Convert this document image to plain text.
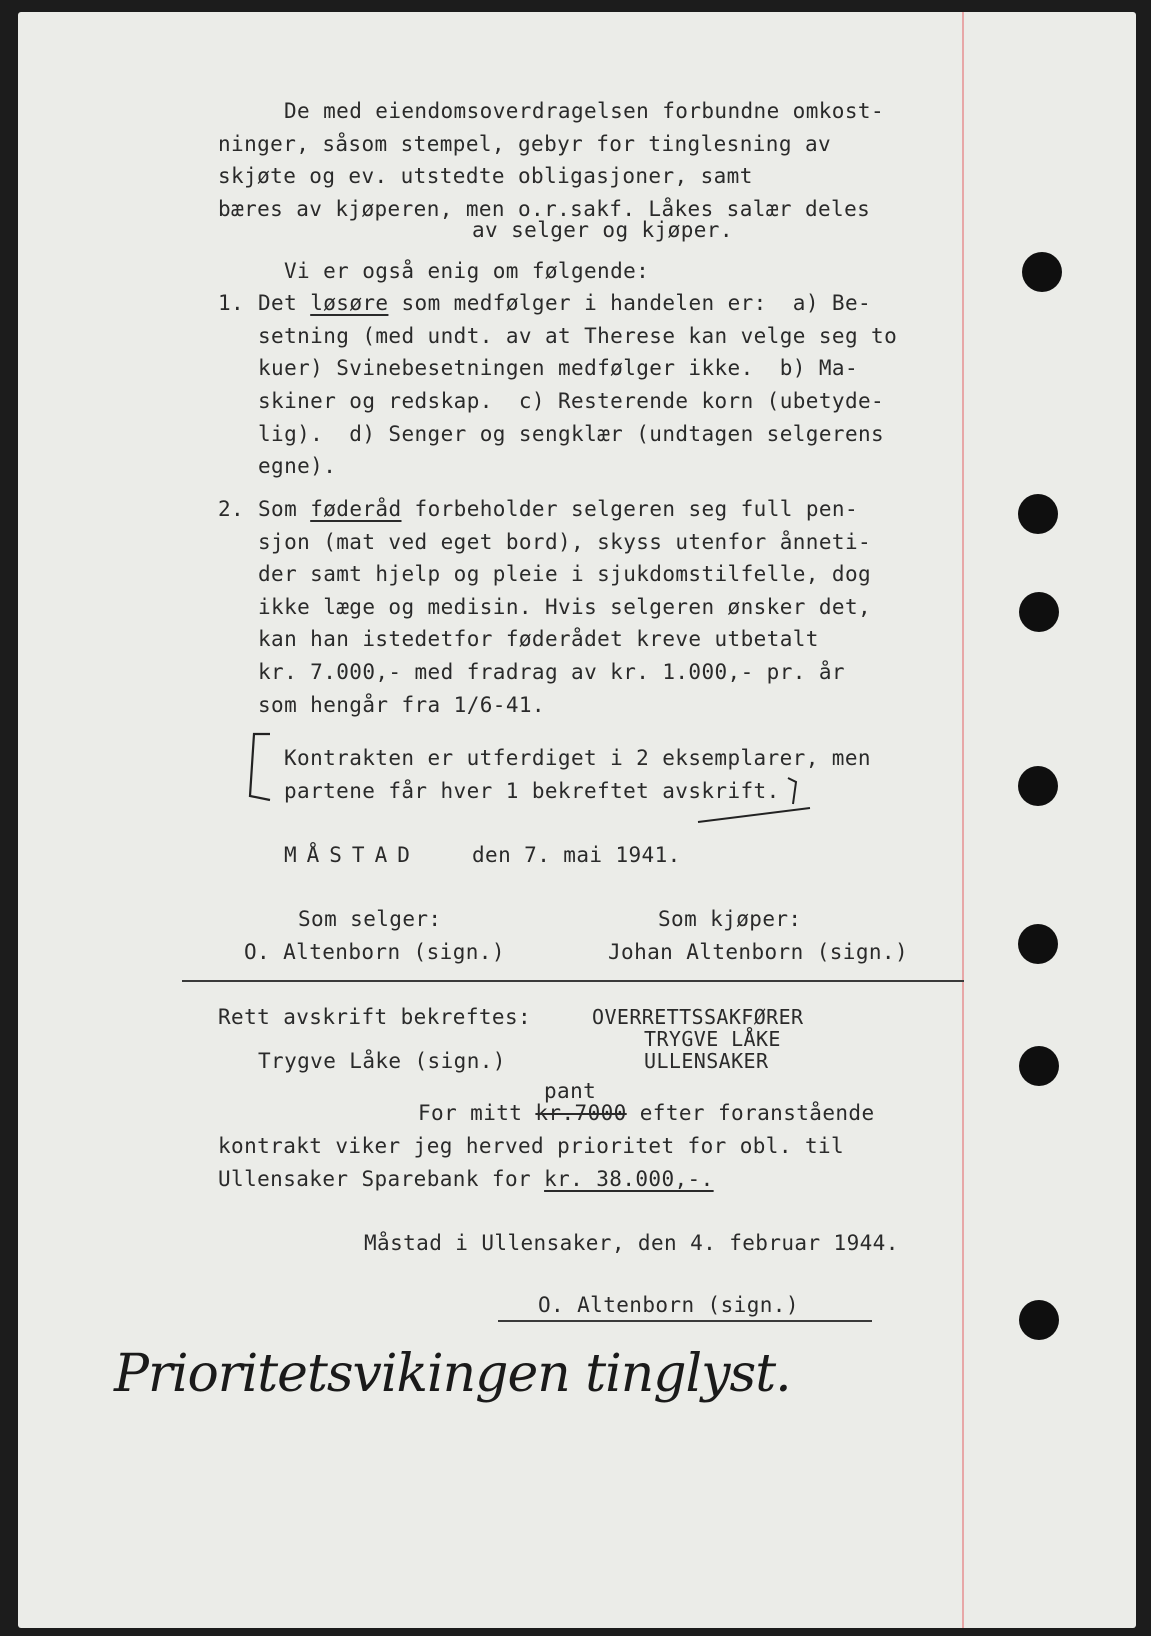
De med eiendomsoverdragelsen forbundne omkost-
ninger, såsom stempel, gebyr for tinglesning av
skjøte og ev. utstedte obligasjoner, samt
bæres av kjøperen, men o.r.sakf. Låkes salær deles
av selger og kjøper.
Vi er også enig om følgende:
1. Det løsøre som medfølger i handelen er:  a) Be-
setning (med undt. av at Therese kan velge seg to
kuer) Svinebesetningen medfølger ikke.  b) Ma-
skiner og redskap.  c) Resterende korn (ubetyde-
lig).  d) Senger og sengklær (undtagen selgerens
egne).
2. Som føderåd forbeholder selgeren seg full pen-
sjon (mat ved eget bord), skyss utenfor ånneti-
der samt hjelp og pleie i sjukdomstilfelle, dog
ikke læge og medisin. Hvis selgeren ønsker det,
kan han istedetfor føderådet kreve utbetalt
kr. 7.000,- med fradrag av kr. 1.000,- pr. år
som hengår fra 1/6-41.
Kontrakten er utferdiget i 2 eksemplarer, men
partene får hver 1 bekreftet avskrift.
MÅSTAD den 7. mai 1941.
Som selger:	Som kjøper:
O. Altenborn (sign.)	Johan Altenborn (sign.)
Rett avskrift bekreftes:	OVERRETTSSAKFØRER
TRYGVE LÅKE
ULLENSAKER
Trygve Låke (sign.)
pant
For mitt kr.7000 efter foranstående
kontrakt viker jeg herved prioritet for obl. til
Ullensaker Sparebank for kr. 38.000,-.
Måstad i Ullensaker, den 4. februar 1944.
O. Altenborn (sign.)
Prioritetsvikingen tinglyst.
